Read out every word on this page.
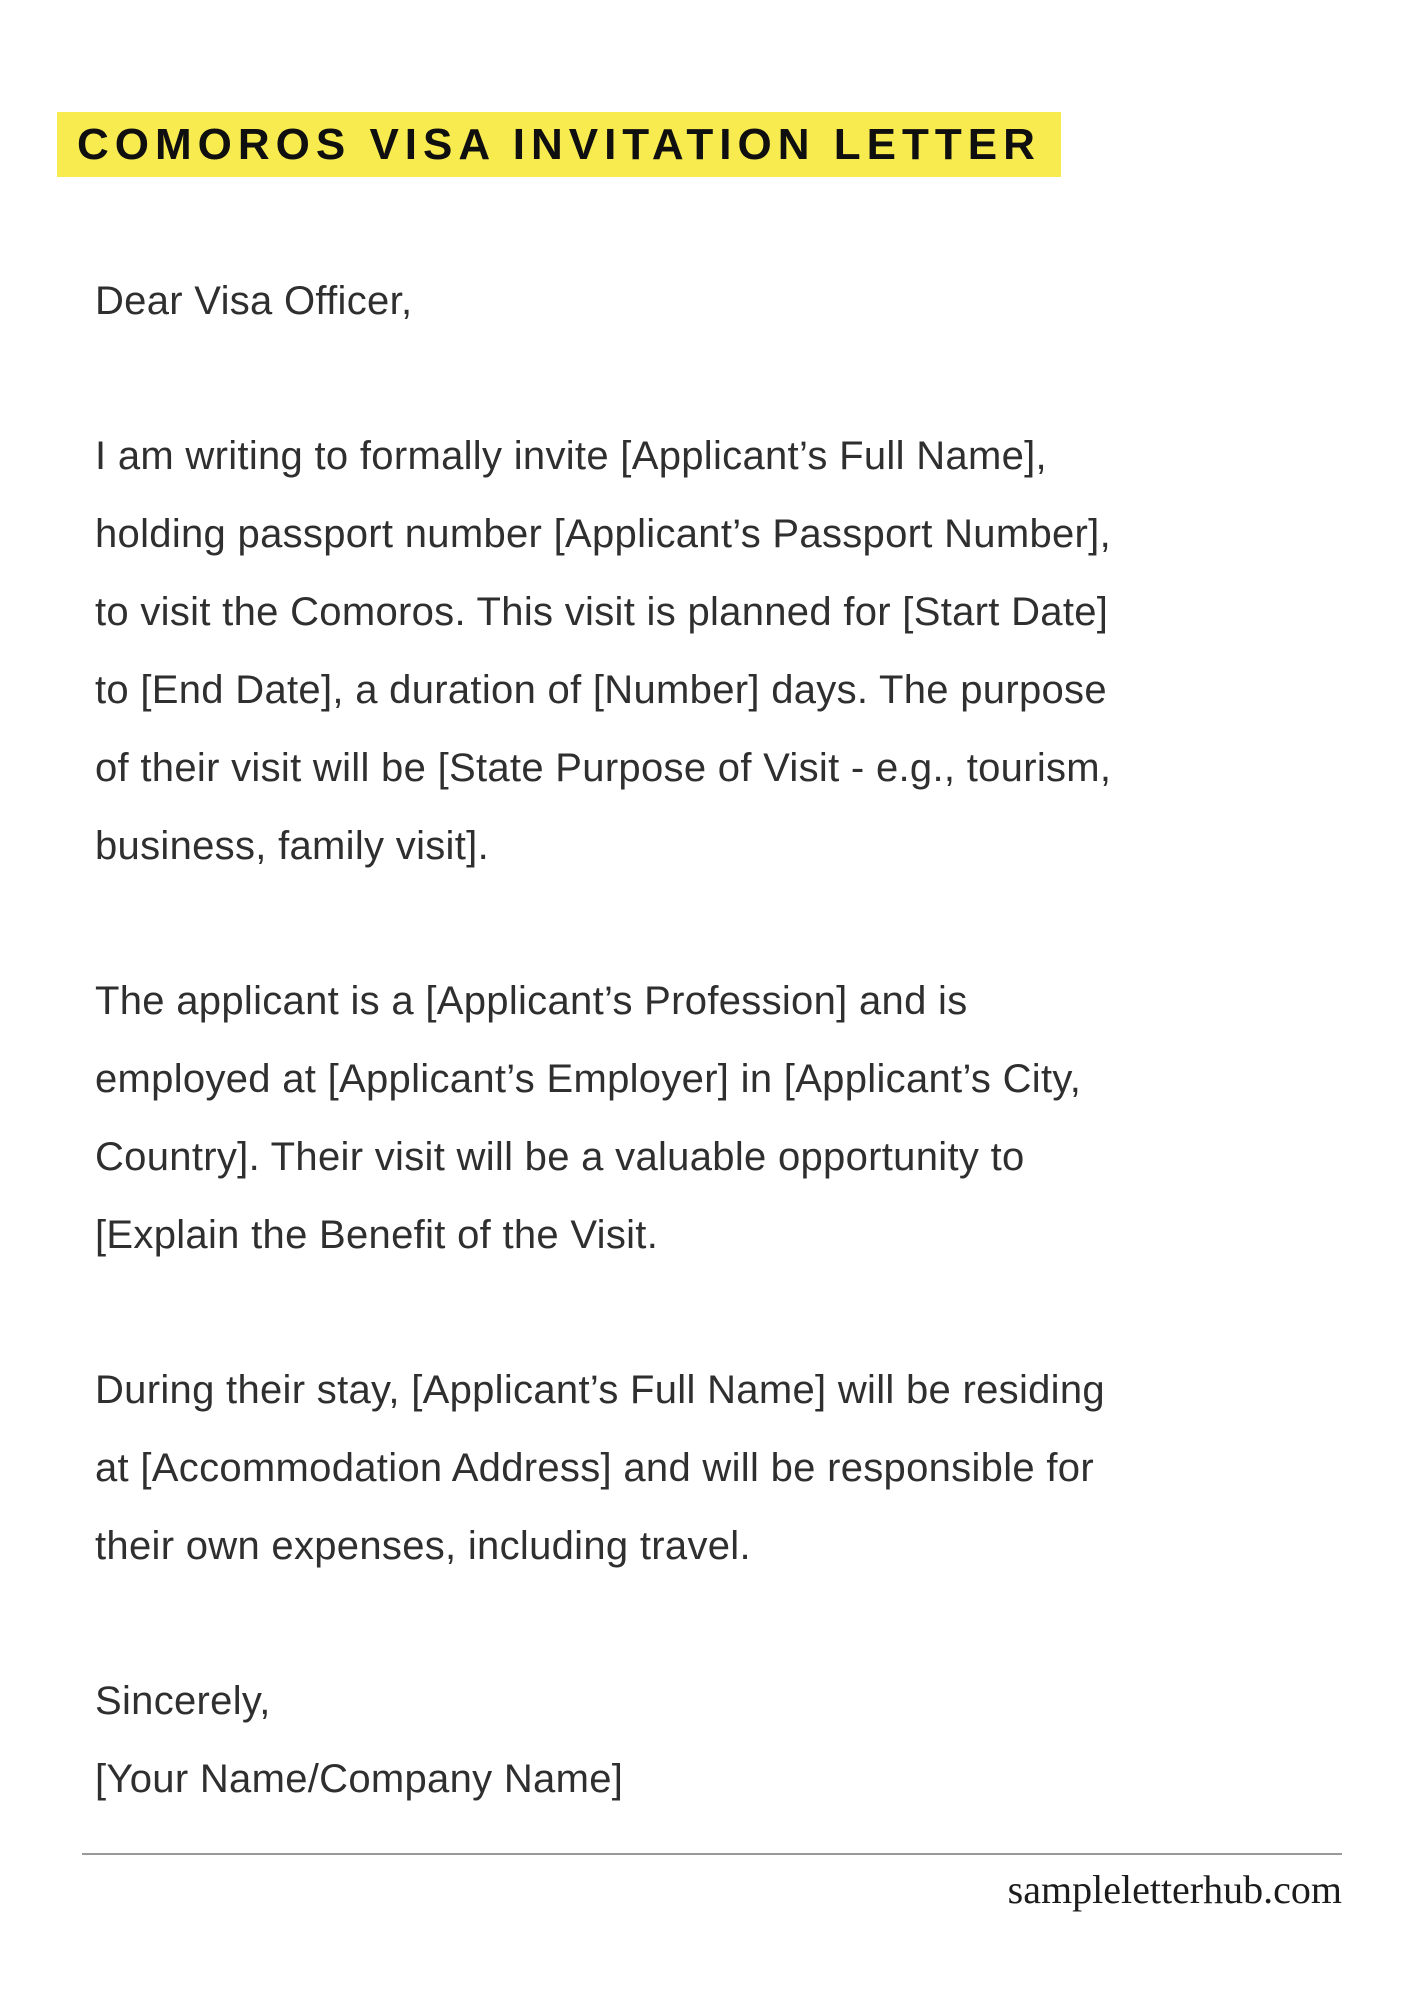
COMOROS VISA INVITATION LETTER
Dear Visa Officer,
I am writing to formally invite [Applicant’s Full Name],
holding passport number [Applicant’s Passport Number],
to visit the Comoros. This visit is planned for [Start Date]
to [End Date], a duration of [Number] days. The purpose
of their visit will be [State Purpose of Visit - e.g., tourism,
business, family visit].
The applicant is a [Applicant’s Profession] and is
employed at [Applicant’s Employer] in [Applicant’s City,
Country]. Their visit will be a valuable opportunity to
[Explain the Benefit of the Visit.
During their stay, [Applicant’s Full Name] will be residing
at [Accommodation Address] and will be responsible for
their own expenses, including travel.
Sincerely,
[Your Name/Company Name]
sampleletterhub.com
